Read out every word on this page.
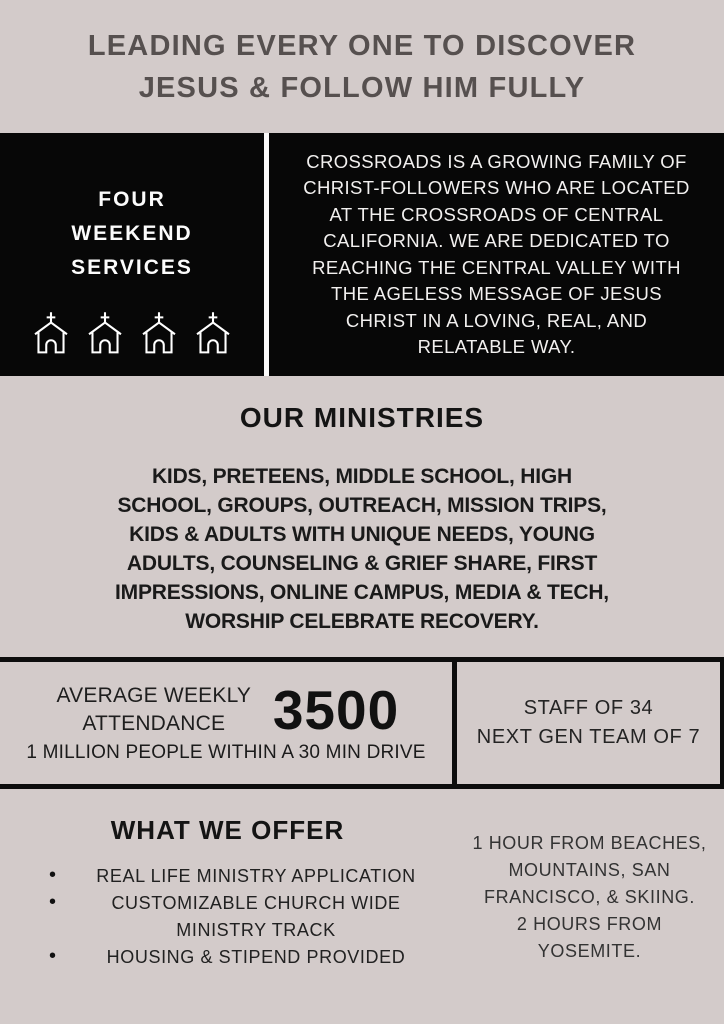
LEADING EVERY ONE TO DISCOVER JESUS & FOLLOW HIM FULLY
FOUR WEEKEND SERVICES

CROSSROADS IS A GROWING FAMILY OF CHRIST-FOLLOWERS WHO ARE LOCATED AT THE CROSSROADS OF CENTRAL CALIFORNIA. WE ARE DEDICATED TO REACHING THE CENTRAL VALLEY WITH THE AGELESS MESSAGE OF JESUS CHRIST IN A LOVING, REAL, AND RELATABLE WAY.

OUR MINISTRIES

KIDS, PRETEENS, MIDDLE SCHOOL, HIGH SCHOOL, GROUPS, OUTREACH, MISSION TRIPS, KIDS & ADULTS WITH UNIQUE NEEDS, YOUNG ADULTS, COUNSELING & GRIEF SHARE, FIRST IMPRESSIONS, ONLINE CAMPUS, MEDIA & TECH, WORSHIP CELEBRATE RECOVERY.

AVERAGE WEEKLY ATTENDANCE 3500
1 MILLION PEOPLE WITHIN A 30 MIN DRIVE
STAFF OF 34
NEXT GEN TEAM OF 7
WHAT WE OFFER
• REAL LIFE MINISTRY APPLICATION
•	CUSTOMIZABLE CHURCH WIDE MINISTRY TRACK
•	HOUSING & STIPEND PROVIDED

1 HOUR FROM BEACHES, MOUNTAINS, SAN FRANCISCO, & SKIING.

2 HOURS FROM YOSEMITE.
